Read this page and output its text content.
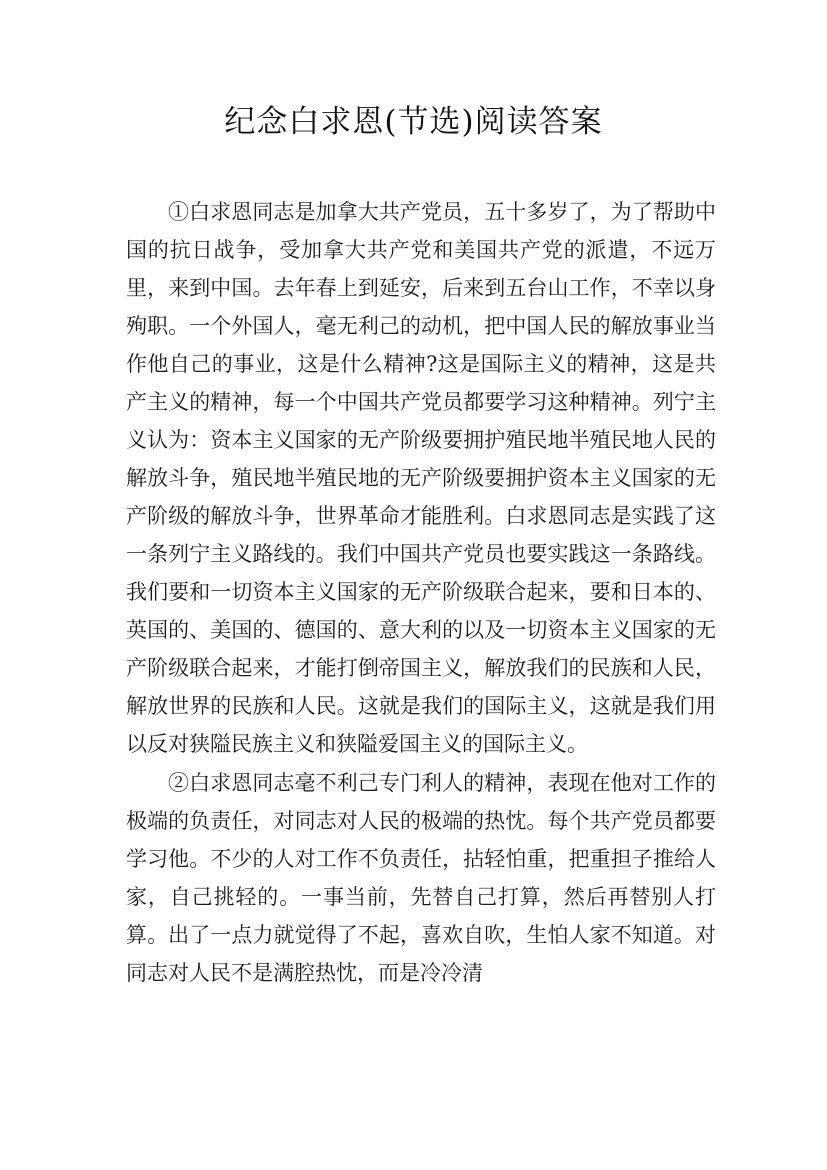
纪念白求恩(节选)阅读答案

①白求恩同志是加拿大共产党员，五十多岁了，为了帮助中国的抗日战争，受加拿大共产党和美国共产党的派遣，不远万里，来到中国。去年春上到延安，后来到五台山工作，不幸以身殉职。一个外国人，毫无利己的动机，把中国人民的解放事业当作他自己的事业，这是什么精神?这是国际主义的精神，这是共产主义的精神，每一个中国共产党员都要学习这种精神。列宁主义认为：资本主义国家的无产阶级要拥护殖民地半殖民地人民的解放斗争，殖民地半殖民地的无产阶级要拥护资本主义国家的无产阶级的解放斗争，世界革命才能胜利。白求恩同志是实践了这一条列宁主义路线的。我们中国共产党员也要实践这一条路线。我们要和一切资本主义国家的无产阶级联合起来，要和日本的、英国的、美国的、德国的、意大利的以及一切资本主义国家的无产阶级联合起来，才能打倒帝国主义，解放我们的民族和人民，解放世界的民族和人民。这就是我们的国际主义，这就是我们用以反对狭隘民族主义和狭隘爱国主义的国际主义。

②白求恩同志毫不利己专门利人的精神，表现在他对工作的极端的负责任，对同志对人民的极端的热忱。每个共产党员都要学习他。不少的人对工作不负责任，拈轻怕重，把重担子推给人家，自己挑轻的。一事当前，先替自己打算，然后再替别人打算。出了一点力就觉得了不起，喜欢自吹，生怕人家不知道。对同志对人民不是满腔热忱，而是冷冷清
